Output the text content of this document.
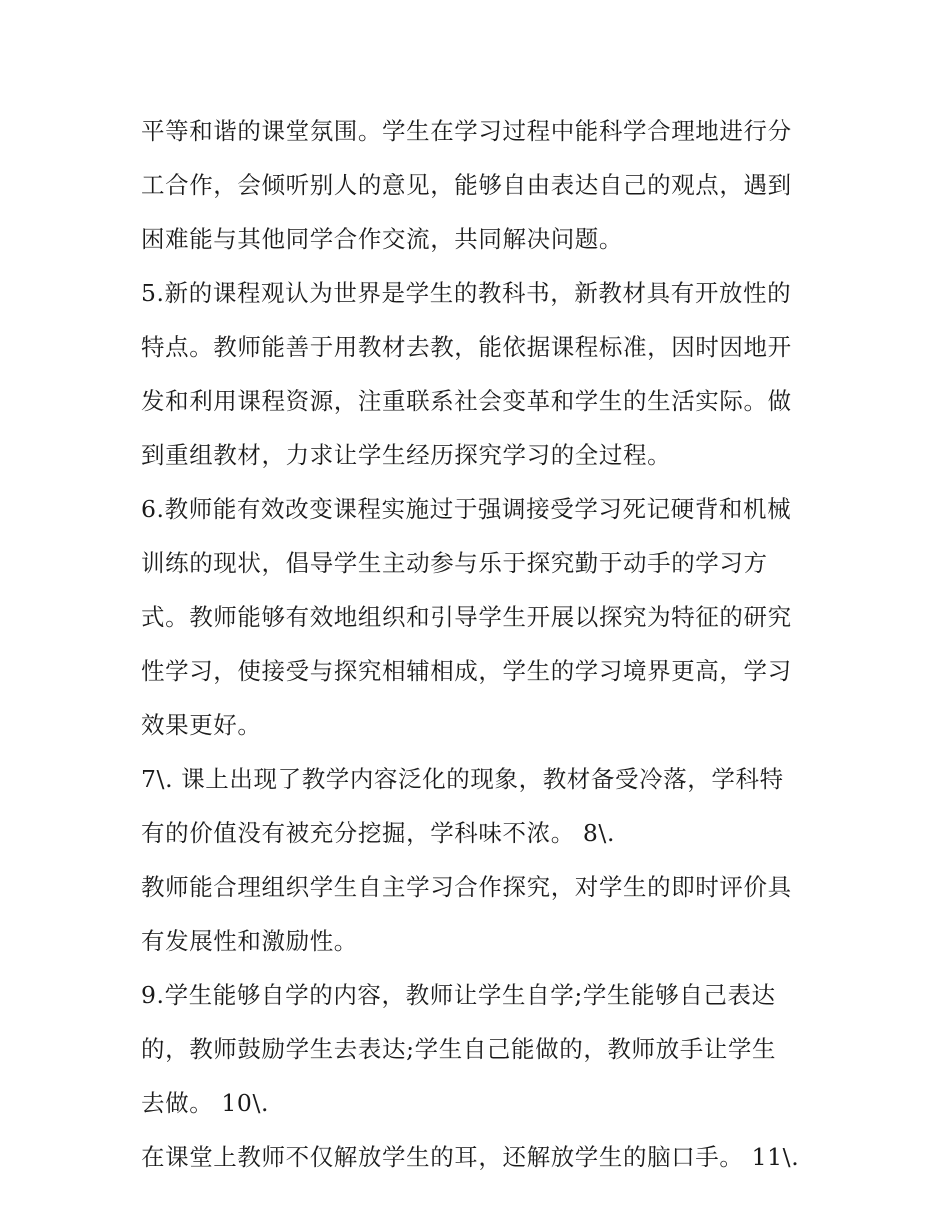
平等和谐的课堂氛围。学生在学习过程中能科学合理地进行分
工合作，会倾听别人的意见，能够自由表达自己的观点，遇到
困难能与其他同学合作交流，共同解决问题。
5.新的课程观认为世界是学生的教科书，新教材具有开放性的
特点。教师能善于用教材去教，能依据课程标准，因时因地开
发和利用课程资源，注重联系社会变革和学生的生活实际。做
到重组教材，力求让学生经历探究学习的全过程。
6.教师能有效改变课程实施过于强调接受学习死记硬背和机械
训练的现状，倡导学生主动参与乐于探究勤于动手的学习方
式。教师能够有效地组织和引导学生开展以探究为特征的研究
性学习，使接受与探究相辅相成，学生的学习境界更高，学习
效果更好。
7\. 课上出现了教学内容泛化的现象，教材备受冷落，学科特
有的价值没有被充分挖掘，学科味不浓。 8\.
教师能合理组织学生自主学习合作探究，对学生的即时评价具
有发展性和激励性。
9.学生能够自学的内容，教师让学生自学;学生能够自己表达
的，教师鼓励学生去表达;学生自己能做的，教师放手让学生
去做。 10\.
在课堂上教师不仅解放学生的耳，还解放学生的脑口手。 11\.
